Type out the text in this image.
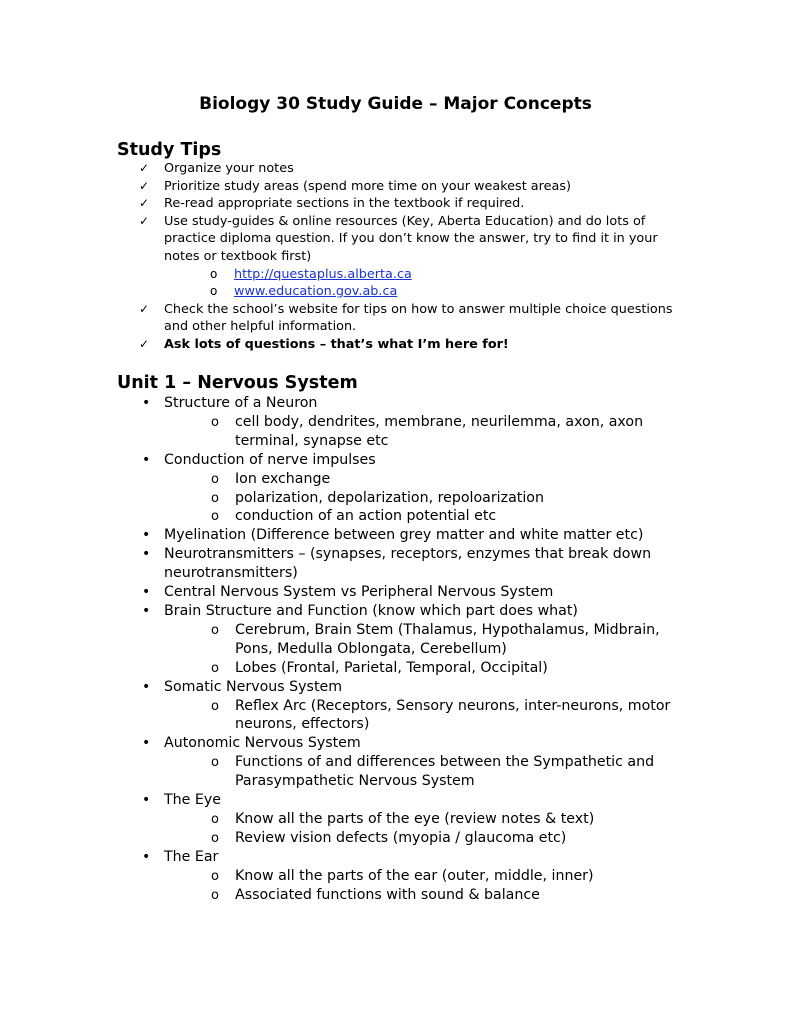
Biology 30 Study Guide – Major Concepts
Study Tips
✓ Organize your notes
✓ Prioritize study areas (spend more time on your weakest areas)
✓ Re-read appropriate sections in the textbook if required.
✓ Use study-guides & online resources (Key, Aberta Education) and do lots of practice diploma question. If you don’t know the answer, try to find it in your notes or textbook first)
o http://questaplus.alberta.ca
o www.education.gov.ab.ca
✓ Check the school’s website for tips on how to answer multiple choice questions and other helpful information.
✓ Ask lots of questions – that’s what I’m here for!
Unit 1 – Nervous System
• Structure of a Neuron
o cell body, dendrites, membrane, neurilemma, axon, axon terminal, synapse etc
• Conduction of nerve impulses
o Ion exchange
o polarization, depolarization, repoloarization
o conduction of an action potential etc
• Myelination (Difference between grey matter and white matter etc)
• Neurotransmitters – (synapses, receptors, enzymes that break down neurotransmitters)
• Central Nervous System vs Peripheral Nervous System
• Brain Structure and Function (know which part does what)
o Cerebrum, Brain Stem (Thalamus, Hypothalamus, Midbrain, Pons, Medulla Oblongata, Cerebellum)
o Lobes (Frontal, Parietal, Temporal, Occipital)
• Somatic Nervous System
o Reflex Arc (Receptors, Sensory neurons, inter-neurons, motor neurons, effectors)
• Autonomic Nervous System
o Functions of and differences between the Sympathetic and Parasympathetic Nervous System
• The Eye
o Know all the parts of the eye (review notes & text)
o Review vision defects (myopia / glaucoma etc)
• The Ear
o Know all the parts of the ear (outer, middle, inner)
o Associated functions with sound & balance
